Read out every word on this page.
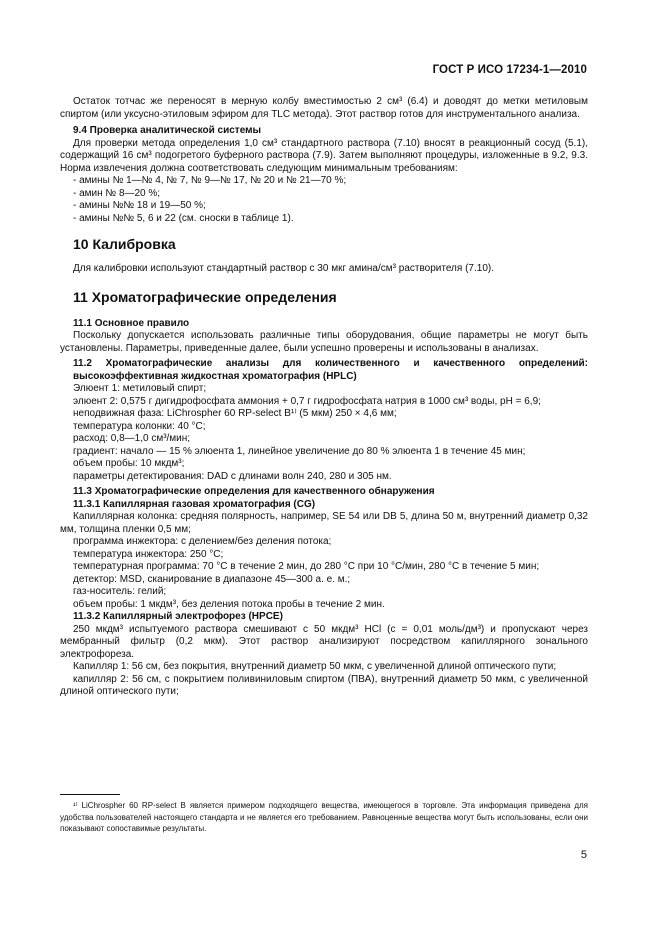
ГОСТ Р ИСО 17234-1—2010

Остаток тотчас же переносят в мерную колбу вместимостью 2 см³ (6.4) и доводят до метки метиловым спиртом (или уксусно-этиловым эфиром для TLC метода). Этот раствор готов для инструментального анализа.

9.4 Проверка аналитической системы

Для проверки метода определения 1,0 см³ стандартного раствора (7.10) вносят в реакционный сосуд (5.1), содержащий 16 см³ подогретого буферного раствора (7.9). Затем выполняют процедуры, изложенные в 9.2, 9.3. Норма извлечения должна соответствовать следующим минимальным требованиям:

- амины № 1—№ 4, № 7, № 9—№ 17, № 20 и № 21—70 %;
- амин № 8—20 %;
- амины №№ 18 и 19—50 %;
- амины №№ 5, 6 и 22 (см. сноски в таблице 1).
10 Калибровка

Для калибровки используют стандартный раствор с 30 мкг амина/см³ растворителя (7.10).

11 Хроматографические определения
11.1 Основное правило

Поскольку допускается использовать различные типы оборудования, общие параметры не могут быть установлены. Параметры, приведенные далее, были успешно проверены и использованы в анализах.

11.2 Хроматографические анализы для количественного и качественного определений: высокоэффективная жидкостная хроматография (HPLC)

Элюент 1: метиловый спирт;

элюент 2: 0,575 г дигидрофосфата аммония + 0,7 г гидрофосфата натрия в 1000 см³ воды, pH = 6,9;

неподвижная фаза: LiChrospher 60 RP-select B¹⁾ (5 мкм) 250 × 4,6 мм;

температура колонки: 40 °С;

расход: 0,8—1,0 см³/мин;

градиент: начало — 15 % элюента 1, линейное увеличение до 80 % элюента 1 в течение 45 мин;

объем пробы: 10 мкдм³;

параметры детектирования: DAD с длинами волн 240, 280 и 305 нм.

11.3 Хроматографические определения для качественного обнаружения
11.3.1 Капиллярная газовая хроматография (CG)

Капиллярная колонка: средняя полярность, например, SE 54 или DB 5, длина 50 м, внутренний диаметр 0,32 мм, толщина пленки 0,5 мм;

программа инжектора: с делением/без деления потока;

температура инжектора: 250 °С;

температурная программа: 70 °С в течение 2 мин, до 280 °С при 10 °С/мин, 280 °С в течение 5 мин;

детектор: MSD, сканирование в диапазоне 45—300 а. е. м.;

газ-носитель: гелий;

объем пробы: 1 мкдм³, без деления потока пробы в течение 2 мин.

11.3.2 Капиллярный электрофорез (HPCE)

250 мкдм³ испытуемого раствора смешивают с 50 мкдм³ HCl (c = 0,01 моль/дм³) и пропускают через мембранный фильтр (0,2 мкм). Этот раствор анализируют посредством капиллярного зонального электрофореза.

Капилляр 1: 56 см, без покрытия, внутренний диаметр 50 мкм, с увеличенной длиной оптического пути;

капилляр 2: 56 см, с покрытием поливиниловым спиртом (ПВА), внутренний диаметр 50 мкм, с увеличенной длиной оптического пути;

¹⁾ LiChrospher 60 RP-select B является примером подходящего вещества, имеющегося в торговле. Эта информация приведена для удобства пользователей настоящего стандарта и не является его требованием. Равноценные вещества могут быть использованы, если они показывают сопоставимые результаты.
5
